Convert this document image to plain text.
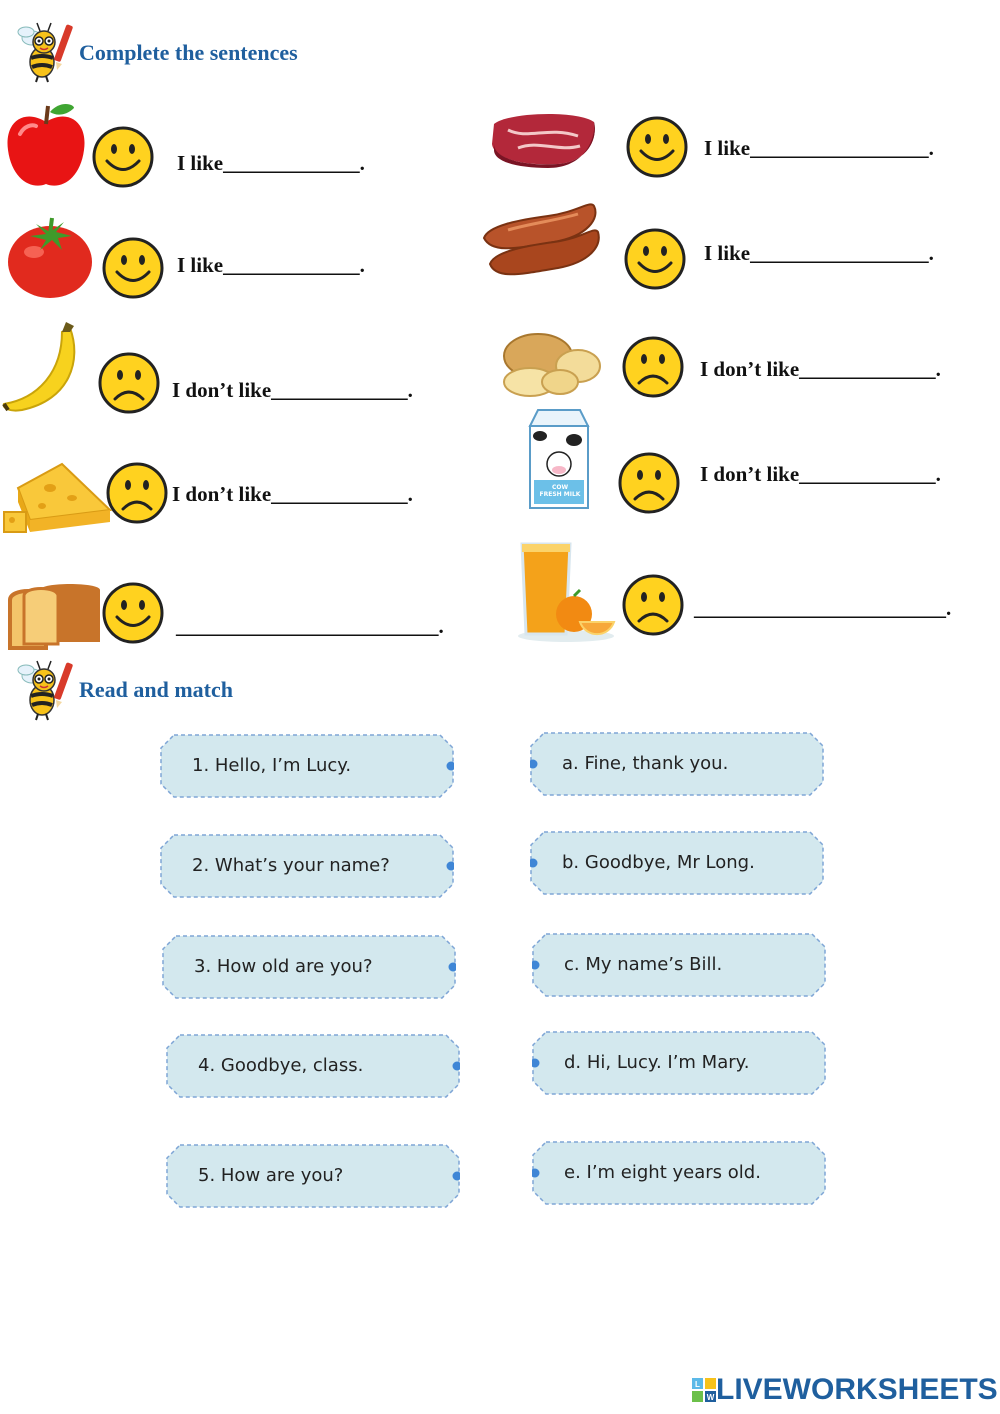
Complete the sentences
I like_____________.
I like_____________.
I don’t like_____________.
I don’t like_____________.
_________________________.
I like_________________.
I like_________________.
I don’t like_____________.
COW
FRESH MILK
I don’t like_____________.
________________________.
Read and match
1. Hello, I’m Lucy.
2. What’s your name?
3. How old are you?
4. Goodbye, class.
5. How are you?
a. Fine, thank you.
b. Goodbye, Mr Long.
c. My name’s Bill.
d. Hi, Lucy. I’m Mary.
e. I’m eight years old.
L
W LIVEWORKSHEETS
